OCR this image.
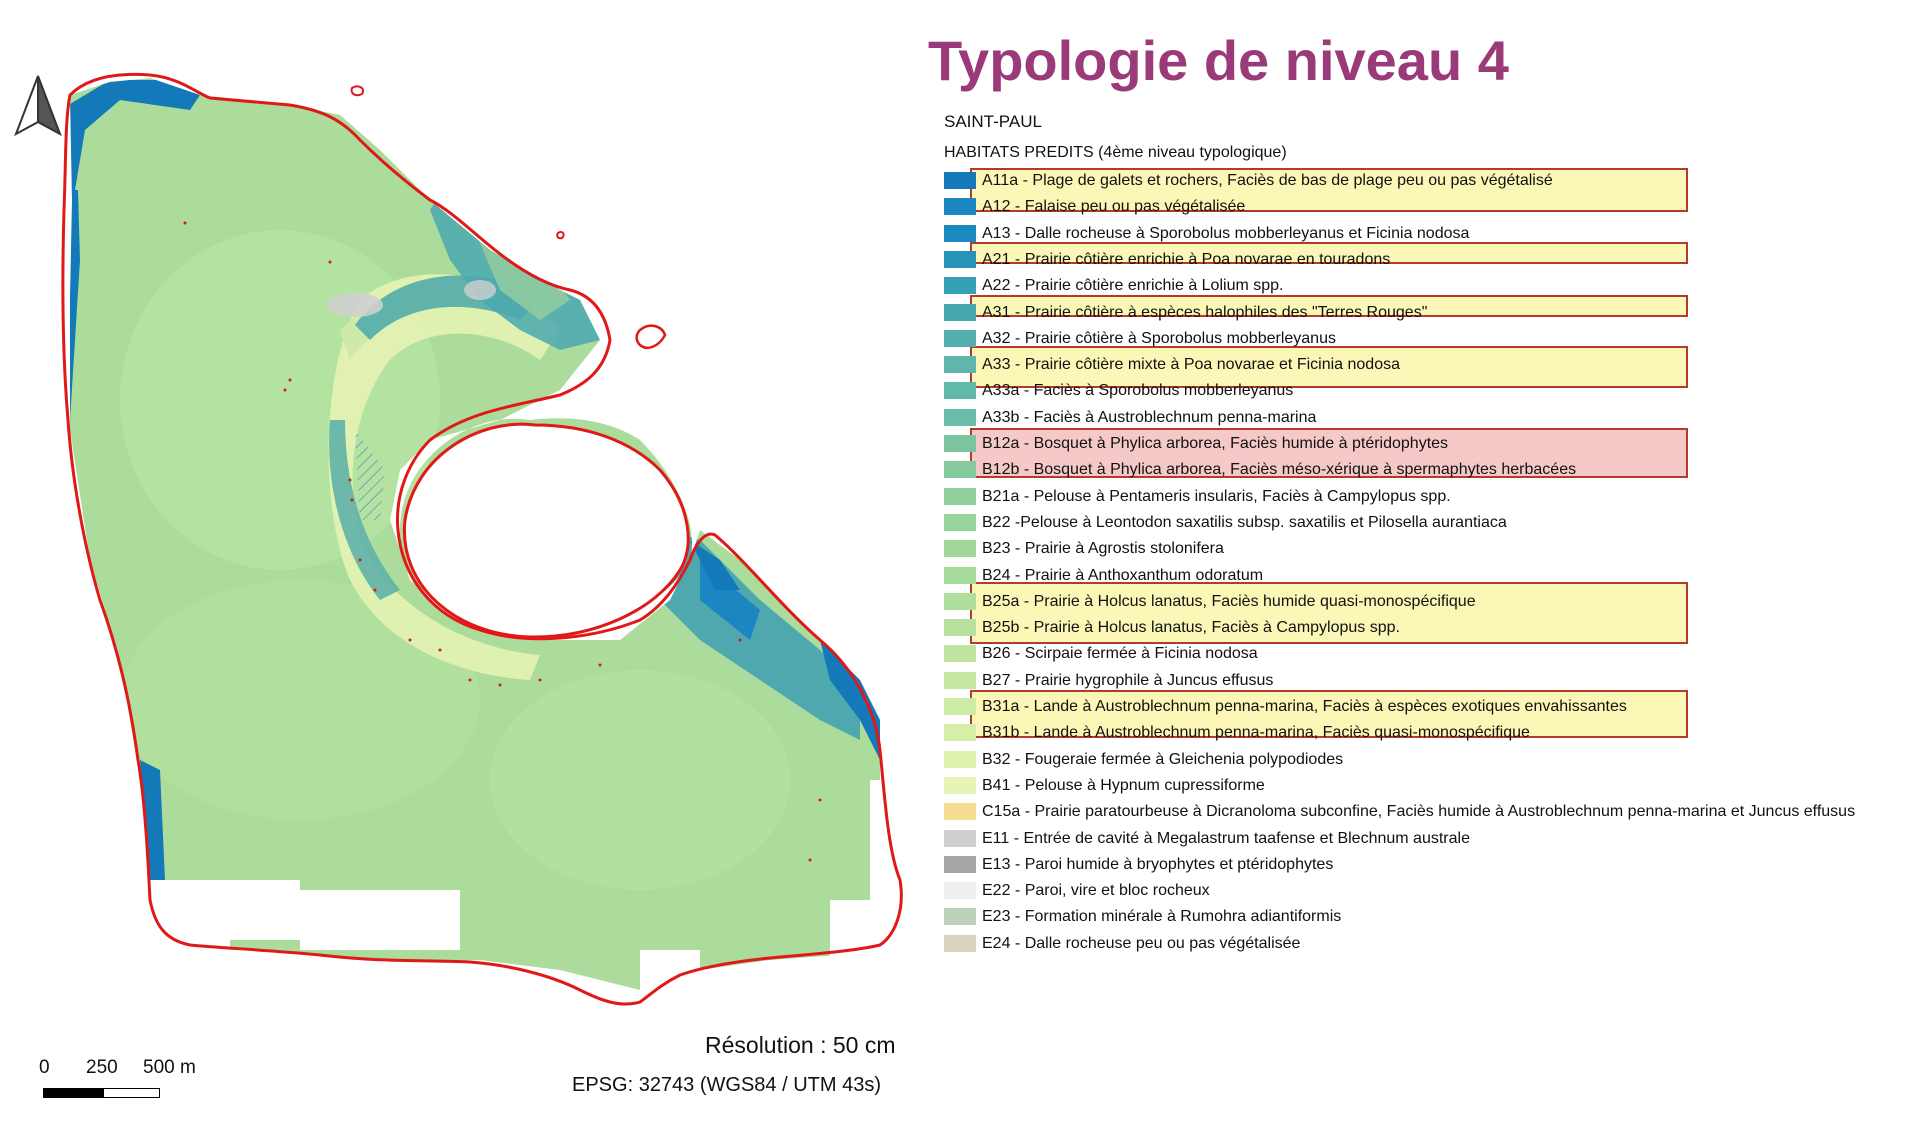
0 250 500 m
Résolution : 50 cm
EPSG: 32743 (WGS84 / UTM 43s)
Typologie de niveau 4
SAINT-PAUL
HABITATS PREDITS (4ème niveau typologique)
A11a - Plage de galets et rochers, Faciès de bas de plage peu ou pas végétalisé
A12 - Falaise peu ou pas végétalisée
A13 - Dalle rocheuse à Sporobolus mobberleyanus et Ficinia nodosa
A21 - Prairie côtière enrichie à Poa novarae en touradons
A22 - Prairie côtière enrichie à Lolium spp.
A31 - Prairie côtière à espèces halophiles des "Terres Rouges"
A32 - Prairie côtière à Sporobolus mobberleyanus
A33 - Prairie côtière mixte à Poa novarae et Ficinia nodosa
A33a - Faciès à Sporobolus mobberleyanus
A33b - Faciès à Austroblechnum penna-marina
B12a - Bosquet à Phylica arborea, Faciès humide à ptéridophytes
B12b - Bosquet à Phylica arborea, Faciès méso-xérique à spermaphytes herbacées
B21a - Pelouse à Pentameris insularis, Faciès à Campylopus spp.
B22 -Pelouse à Leontodon saxatilis subsp. saxatilis et Pilosella aurantiaca
B23 - Prairie à Agrostis stolonifera
B24 - Prairie à Anthoxanthum odoratum
B25a - Prairie à Holcus lanatus, Faciès humide quasi-monospécifique
B25b - Prairie à Holcus lanatus, Faciès à Campylopus spp.
B26 - Scirpaie fermée à Ficinia nodosa
B27 - Prairie hygrophile à Juncus effusus
B31a - Lande à Austroblechnum penna-marina, Faciès à espèces exotiques envahissantes
B31b - Lande à Austroblechnum penna-marina, Faciès quasi-monospécifique
B32 - Fougeraie fermée à Gleichenia polypodiodes
B41 - Pelouse à Hypnum cupressiforme
C15a - Prairie paratourbeuse à Dicranoloma subconfine, Faciès humide à Austroblechnum penna-marina et Juncus effusus
E11 - Entrée de cavité à Megalastrum taafense et Blechnum australe
E13 - Paroi humide à bryophytes et ptéridophytes
E22 - Paroi, vire et bloc rocheux
E23 - Formation minérale à Rumohra adiantiformis
E24 - Dalle rocheuse peu ou pas végétalisée
